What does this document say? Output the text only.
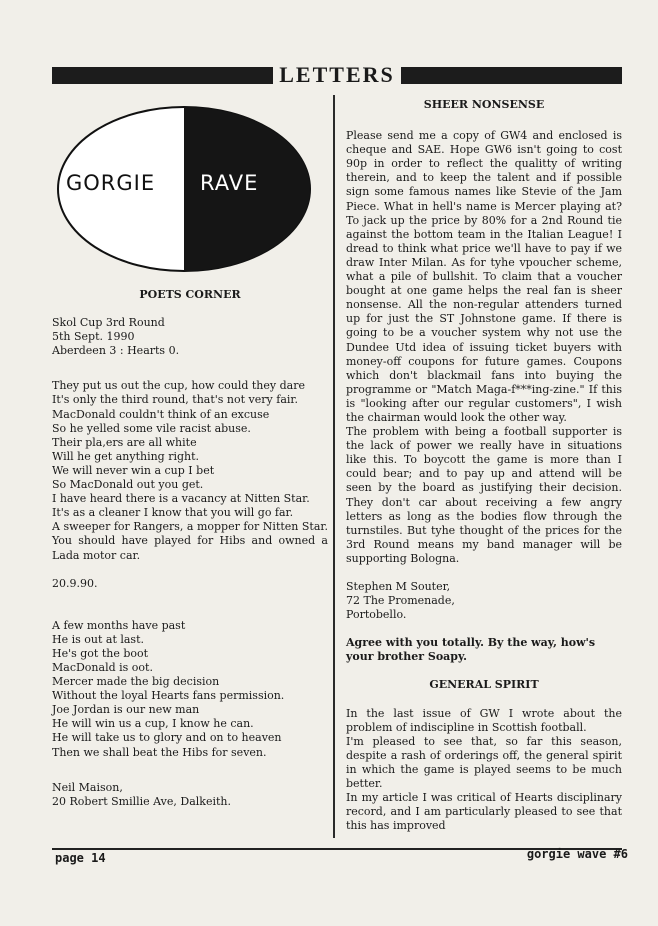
LETTERS
GORGIE RAVE

POETS CORNER

Skol Cup 3rd Round

5th Sept. 1990

Aberdeen 3 : Hearts 0.

They put us out the cup, how could they dare

It's only the third round, that's not very fair.

MacDonald couldn't think of an excuse

So he yelled some vile racist abuse.

Their pla,ers are all white

Will he get anything right.

We will never win a cup I bet

So MacDonald out you get.

I have heard there is a vacancy at Nitten Star.

It's as a cleaner I know that you will go far.

A sweeper for Rangers, a mopper for Nitten Star.

You should have played for Hibs and owned a Lada motor car.

20.9.90.

A few months have past

He is out at last.

He's got the boot

MacDonald is oot.

Mercer made the big decision

Without the loyal Hearts fans permission.

Joe Jordan is our new man

He will win us a cup, I know he can.

He will take us to glory and on to heaven

Then we shall beat the Hibs for seven.

Neil Maison,

20 Robert Smillie Ave, Dalkeith.

SHEER NONSENSE

Please send me a copy of GW4 and enclosed is cheque and SAE. Hope GW6 isn't going to cost 90p in order to reflect the qualitty of writing therein, and to keep the talent and if possible sign some famous names like Stevie of the Jam Piece. What in hell's name is Mercer playing at? To jack up the price by 80% for a 2nd Round tie against the bottom team in the Italian League! I dread to think what price we'll have to pay if we draw Inter Milan. As for tyhe vpoucher scheme, what a pile of bullshit. To claim that a voucher bought at one game helps the real fan is sheer nonsense. All the non-regular attenders turned up for just the ST Johnstone game. If there is going to be a voucher system why not use the Dundee Utd idea of issuing ticket buyers with money-off coupons for future games. Coupons which don't blackmail fans into buying the programme or "Match Maga-f***ing-zine." If this is "looking after our regular customers", I wish the chairman would look the other way.

The problem with being a football supporter is the lack of power we really have in situations like this. To boycott the game is more than I could bear; and to pay up and attend will be seen by the board as justifying their decision. They don't car about receiving a few angry letters as long as the bodies flow through the turnstiles. But tyhe thought of the prices for the 3rd Round means my band manager will be supporting Bologna.

Stephen M Souter,

72 The Promenade,

Portobello.

Agree with you totally. By the way, how's your brother Soapy.

GENERAL SPIRIT

In the last issue of GW I wrote about the problem of indiscipline in Scottish football.

I'm pleased to see that, so far this season, despite a rash of orderings off, the general spirit in which the game is played seems to be much better.

In my article I was critical of Hearts disciplinary record, and I am particularly pleased to see that this has improved

page 14	gorgie wave #6
